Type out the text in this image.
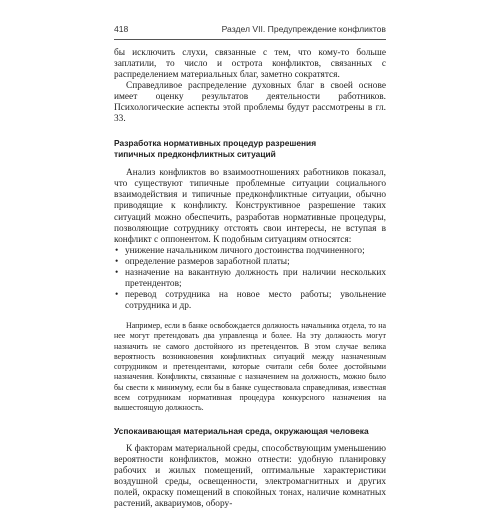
418	Раздел VII. Предупреждение конфликтов

бы исключить слухи, связанные с тем, что кому-то больше заплатили, то число и острота конфликтов, связанных с распределением материальных благ, заметно сократятся.

Справедливое распределение духовных благ в своей основе имеет оценку результатов деятельности работников. Психологические аспекты этой проблемы будут рассмотрены в гл. 33.

Разработка нормативных процедур разрешения
типичных предконфликтных ситуаций

Анализ конфликтов во взаимоотношениях работников показал, что существуют типичные проблемные ситуации социального взаимодействия и типичные предконфликтные ситуации, обычно приводящие к конфликту. Конструктивное разрешение таких ситуаций можно обеспечить, разработав нормативные процедуры, позволяющие сотруднику отстоять свои интересы, не вступая в конфликт с оппонентом. К подобным ситуациям относятся:

• унижение начальником личного достоинства подчиненного;
• определение размеров заработной платы;
• назначение на вакантную должность при наличии нескольких претендентов;
• перевод сотрудника на новое место работы; увольнение сотрудника и др.

Например, если в банке освобождается должность начальника отдела, то на нее могут претендовать два управленца и более. На эту должность могут назначить не самого достойного из претендентов. В этом случае велика вероятность возникновения конфликтных ситуаций между назначенным сотрудником и претендентами, которые считали себя более достойными назначения. Конфликты, связанные с назначением на должность, можно было бы свести к минимуму, если бы в банке существовала справедливая, известная всем сотрудникам нормативная процедура конкурсного назначения на вышестоящую должность.

Успокаивающая материальная среда, окружающая человека

К факторам материальной среды, способствующим уменьшению вероятности конфликтов, можно отнести: удобную планировку рабочих и жилых помещений, оптимальные характеристики воздушной среды, освещенности, электромагнитных и других полей, окраску помещений в спокойных тонах, наличие комнатных растений, аквариумов, обору-
